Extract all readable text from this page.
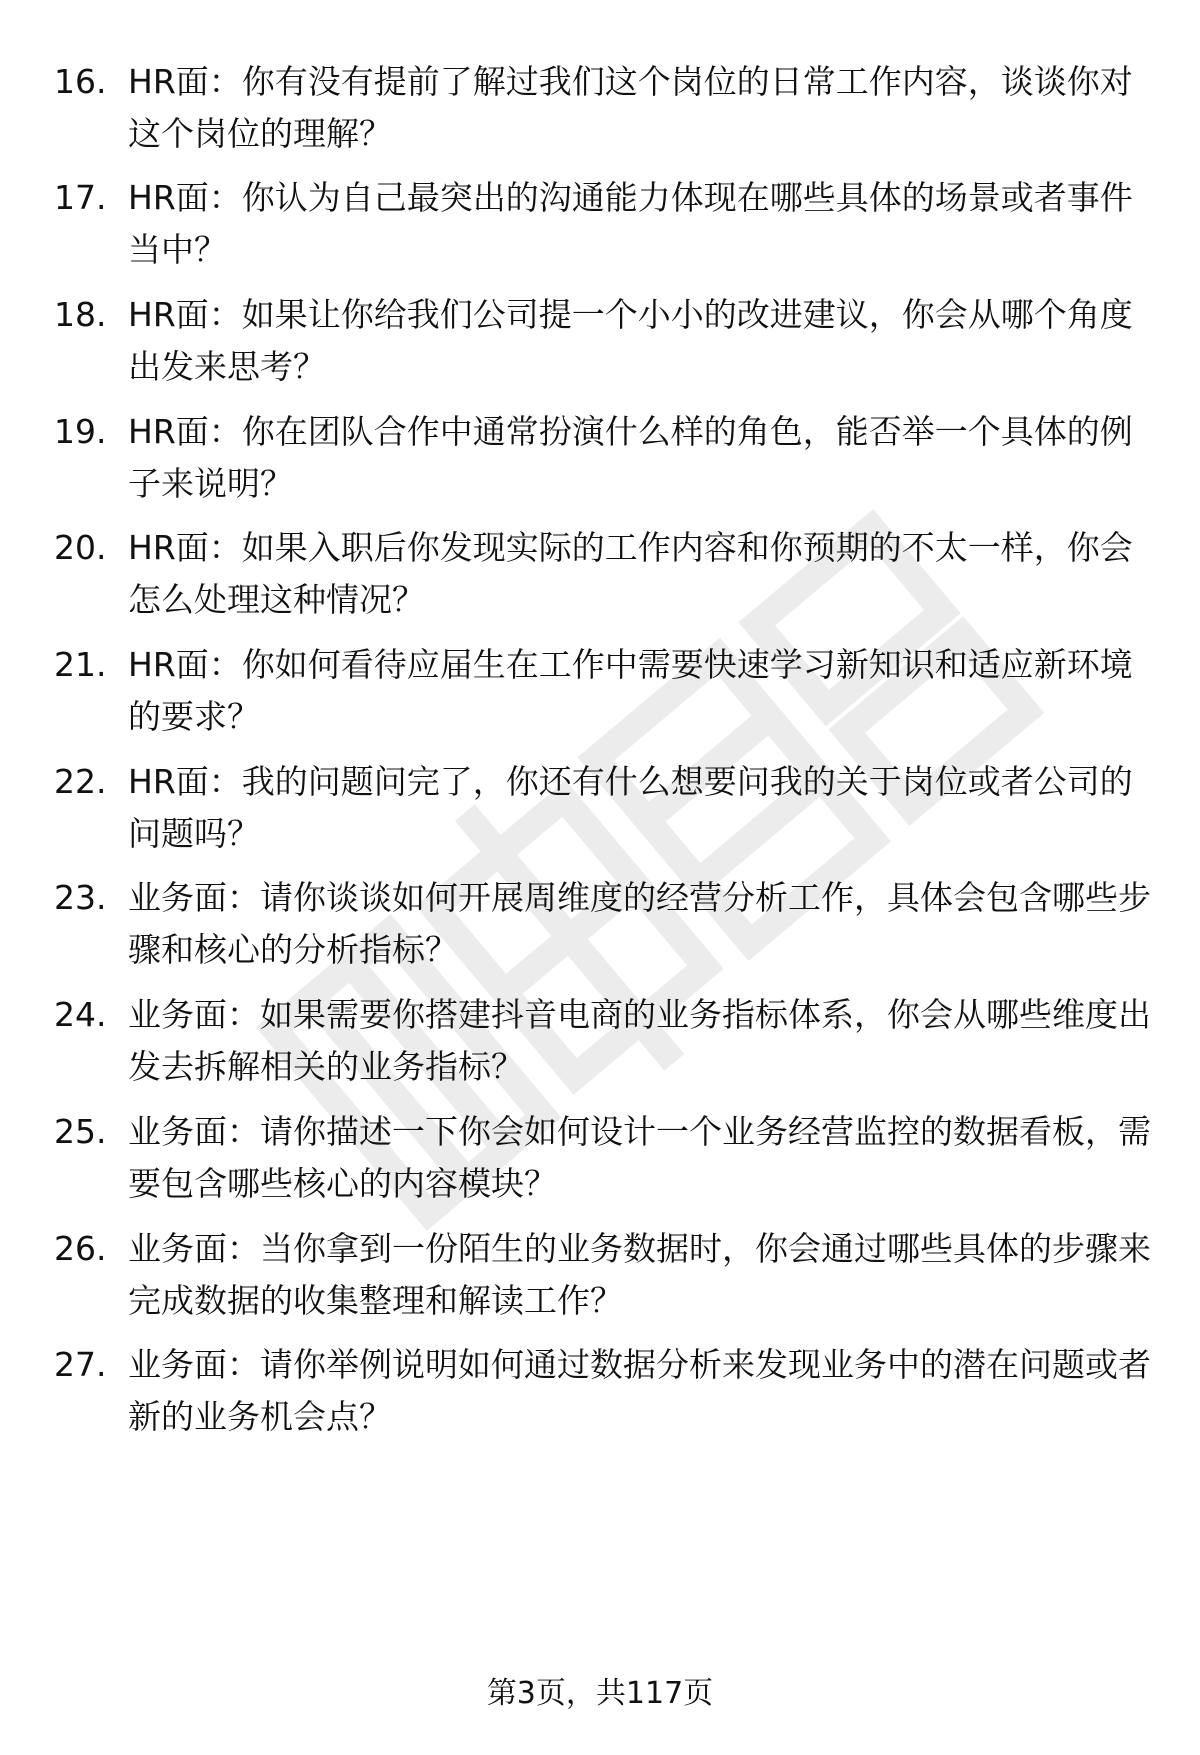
16. HR面：你有没有提前了解过我们这个岗位的日常工作内容，谈谈你对这个岗位的理解？

17. HR面：你认为自己最突出的沟通能力体现在哪些具体的场景或者事件当中？

18. HR面：如果让你给我们公司提一个小小的改进建议，你会从哪个角度出发来思考？

19. HR面：你在团队合作中通常扮演什么样的角色，能否举一个具体的例子来说明？

20. HR面：如果入职后你发现实际的工作内容和你预期的不太一样，你会怎么处理这种情况？

21. HR面：你如何看待应届生在工作中需要快速学习新知识和适应新环境的要求？

22. HR面：我的问题问完了，你还有什么想要问我的关于岗位或者公司的问题吗？

23. 业务面：请你谈谈如何开展周维度的经营分析工作，具体会包含哪些步骤和核心的分析指标？

24. 业务面：如果需要你搭建抖音电商的业务指标体系，你会从哪些维度出发去拆解相关的业务指标？

25. 业务面：请你描述一下你会如何设计一个业务经营监控的数据看板，需要包含哪些核心的内容模块？

26. 业务面：当你拿到一份陌生的业务数据时，你会通过哪些具体的步骤来完成数据的收集整理和解读工作？

27. 业务面：请你举例说明如何通过数据分析来发现业务中的潜在问题或者新的业务机会点？

第3页，共117页
